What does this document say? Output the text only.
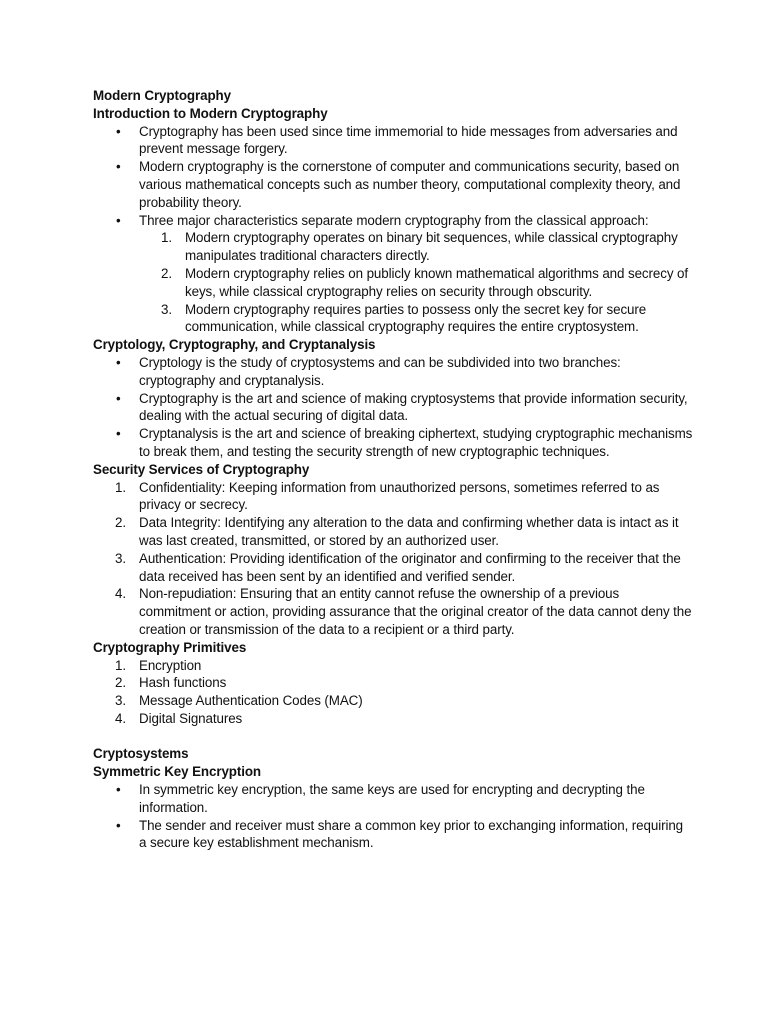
Modern Cryptography
Introduction to Modern Cryptography
•	Cryptography has been used since time immemorial to hide messages from adversaries and prevent message forgery.
•	Modern cryptography is the cornerstone of computer and communications security, based on various mathematical concepts such as number theory, computational complexity theory, and probability theory.
•	Three major characteristics separate modern cryptography from the classical approach:
1. Modern cryptography operates on binary bit sequences, while classical cryptography manipulates traditional characters directly.
2. Modern cryptography relies on publicly known mathematical algorithms and secrecy of keys, while classical cryptography relies on security through obscurity.
3. Modern cryptography requires parties to possess only the secret key for secure communication, while classical cryptography requires the entire cryptosystem.
Cryptology, Cryptography, and Cryptanalysis
•	Cryptology is the study of cryptosystems and can be subdivided into two branches: cryptography and cryptanalysis.
•	Cryptography is the art and science of making cryptosystems that provide information security, dealing with the actual securing of digital data.
•	Cryptanalysis is the art and science of breaking ciphertext, studying cryptographic mechanisms to break them, and testing the security strength of new cryptographic techniques.
Security Services of Cryptography
1. Confidentiality: Keeping information from unauthorized persons, sometimes referred to as privacy or secrecy.
2. Data Integrity: Identifying any alteration to the data and confirming whether data is intact as it was last created, transmitted, or stored by an authorized user.
3. Authentication: Providing identification of the originator and confirming to the receiver that the data received has been sent by an identified and verified sender.
4. Non-repudiation: Ensuring that an entity cannot refuse the ownership of a previous commitment or action, providing assurance that the original creator of the data cannot deny the creation or transmission of the data to a recipient or a third party.
Cryptography Primitives
1. Encryption
2. Hash functions
3. Message Authentication Codes (MAC)
4. Digital Signatures
Cryptosystems
Symmetric Key Encryption
•	In symmetric key encryption, the same keys are used for encrypting and decrypting the information.
•	The sender and receiver must share a common key prior to exchanging information, requiring a secure key establishment mechanism.
